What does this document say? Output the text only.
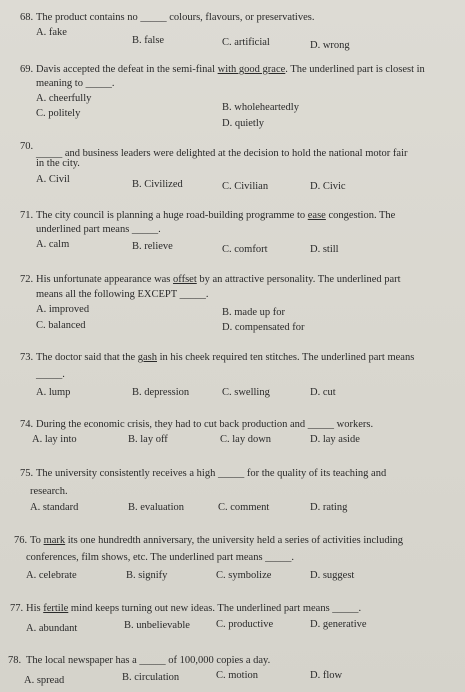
68. The product contains no _____ colours, flavours, or preservatives.
A. fake
B. false	C. artificial	D. wrong
69. Davis accepted the defeat in the semi-final with good grace. The underlined part is closest in
meaning to _____.
A. cheerfully
B. wholeheartedly
C. politely
D. quietly
70.
_____ and business leaders were delighted at the decision to hold the national motor fair
in the city.
A. Civil	B. Civilized	C. Civilian	D. Civic
71. The city council is planning a huge road-building programme to ease congestion. The
underlined part means _____.
A. calm	B. relieve	C. comfort	D. still
72. His unfortunate appearance was offset by an attractive personality. The underlined part
means all the following EXCEPT _____.
A. improved	B. made up for
C. balanced	D. compensated for
73. The doctor said that the gash in his cheek required ten stitches. The underlined part means
_____.
A. lump	B. depression	C. swelling	D. cut
74. During the economic crisis, they had to cut back production and _____ workers.
A. lay into	B. lay off	C. lay down	D. lay aside
75. The university consistently receives a high _____ for the quality of its teaching and
research.
A. standard	B. evaluation	C. comment	D. rating
76. To mark its one hundredth anniversary, the university held a series of activities including
conferences, film shows, etc. The underlined part means _____.
A. celebrate	B. signify	C. symbolize	D. suggest
77. His fertile mind keeps turning out new ideas. The underlined part means _____.
A. abundant	B. unbelievable C. productive	D. generative
78. The local newspaper has a _____ of 100,000 copies a day.
A. spread	B. circulation	C. motion	D. flow
